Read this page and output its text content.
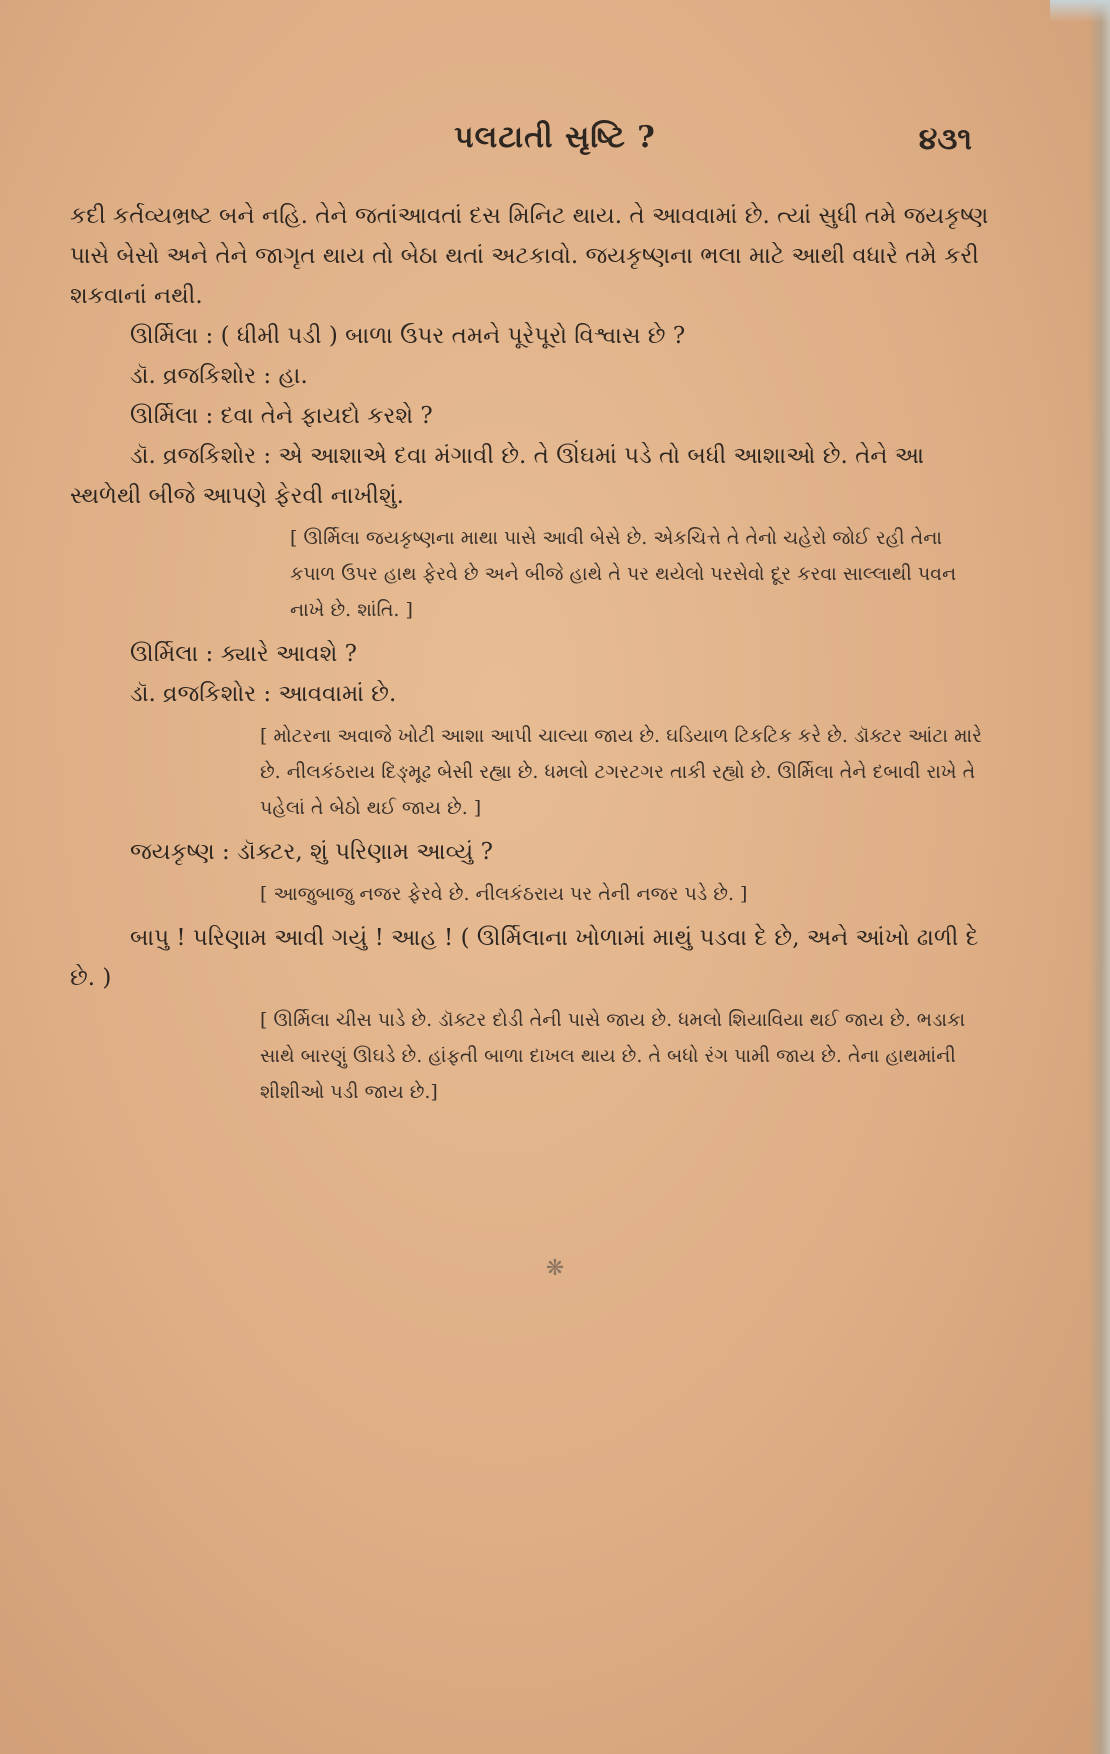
પલટાતી સૃષ્ટિ ?	૪૩૧

કદી કર્તવ્યભ્રષ્ટ બને નહિ. તેને જતાંઆવતાં દસ મિનિટ થાય. તે આવવામાં છે. ત્યાં સુધી તમે જયકૃષ્ણ પાસે બેસો અને તેને જાગૃત થાય તો બેઠા થતાં અટકાવો. જયકૃષ્ણના ભલા માટે આથી વધારે તમે કરી શકવાનાં નથી.

ઊર્મિલા : ( ધીમી પડી ) બાળા ઉપર તમને પૂરેપૂરો વિશ્વાસ છે ?

ડૉ. વ્રજકિશોર : હા.

ઊર્મિલા : દવા તેને ફાયદો કરશે ?

ડૉ. વ્રજકિશોર : એ આશાએ દવા મંગાવી છે. તે ઊંઘમાં પડે તો બધી આશાઓ છે. તેને આ સ્થળેથી બીજે આપણે ફેરવી નાખીશું.

[ ઊર્મિલા જયકૃષ્ણના માથા પાસે આવી બેસે છે. એકચિત્તે તે તેનો ચહેરો જોઈ રહી તેના કપાળ ઉપર હાથ ફેરવે છે અને બીજે હાથે તે પર થયેલો પરસેવો દૂર કરવા સાલ્લાથી પવન નાખે છે. શાંતિ. ]

ઊર્મિલા : ક્યારે આવશે ?

ડૉ. વ્રજકિશોર : આવવામાં છે.

[ મોટરના અવાજે ખોટી આશા આપી ચાલ્યા જાય છે. ઘડિયાળ ટિકટિક કરે છે. ડૉક્ટર આંટા મારે છે. નીલકંઠરાય દિઙ્મૂઢ બેસી રહ્યા છે. ધમલો ટગરટગર તાકી રહ્યો છે. ઊર્મિલા તેને દબાવી રાખે તે પહેલાં તે બેઠો થઈ જાય છે. ]

જયકૃષ્ણ : ડૉક્ટર, શું પરિણામ આવ્યું ?

[ આજુબાજુ નજર ફેરવે છે. નીલકંઠરાય પર તેની નજર પડે છે. ]

બાપુ ! પરિણામ આવી ગયું ! આહ ! ( ઊર્મિલાના ખોળામાં માથું પડવા દે છે, અને આંખો ઢાળી દે છે. )

[ ઊર્મિલા ચીસ પાડે છે. ડૉક્ટર દોડી તેની પાસે જાય છે. ધમલો શિયાવિયા થઈ જાય છે. ભડાકા સાથે બારણું ઊઘડે છે. હાંફતી બાળા દાખલ થાય છે. તે બધો રંગ પામી જાય છે. તેના હાથમાંની શીશીઓ પડી જાય છે.]

❋
